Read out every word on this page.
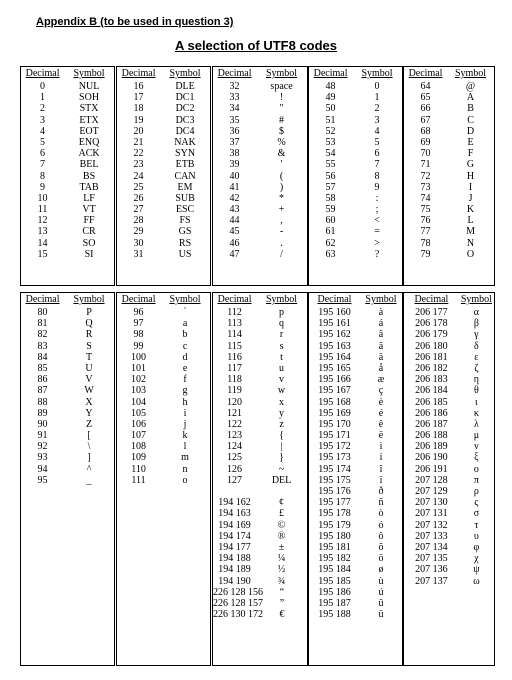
Appendix B (to be used in question 3)
A selection of UTF8 codes
Decimal	Symbol
0	NUL
1	SOH
2	STX
3	ETX
4	EOT
5	ENQ
6	ACK
7	BEL
8	BS
9	TAB
10	LF
11	VT
12	FF
13	CR
14	SO
15	SI
Decimal	Symbol
16	DLE
17	DC1
18	DC2
19	DC3
20	DC4
21	NAK
22	SYN
23	ETB
24	CAN
25	EM
26	SUB
27	ESC
28	FS
29	GS
30	RS
31	US
Decimal	Symbol
32	space
33	!
34	"
35	#
36	$
37	%
38	&
39	'
40	(
41	)
42	*
43	+
44	,
45	-
46	.
47	/
Decimal	Symbol
48	0
49	1
50	2
51	3
52	4
53	5
54	6
55	7
56	8
57	9
58	:
59	;
60	<
61	=
62	>
63	?
Decimal	Symbol
64	@
65	A
66	B
67	C
68	D
69	E
70	F
71	G
72	H
73	I
74	J
75	K
76	L
77	M
78	N
79	O
Decimal	Symbol
80	P
81	Q
82	R
83	S
84	T
85	U
86	V
87	W
88	X
89	Y
90	Z
91	[
92	\
93	]
94	^
95	_
Decimal	Symbol
96	`
97	a
98	b
99	c
100	d
101	e
102	f
103	g
104	h
105	i
106	j
107	k
108	l
109	m
110	n
111	o
Decimal	Symbol
112	p
113	q
114	r
115	s
116	t
117	u
118	v
119	w
120	x
121	y
122	z
123	{
124	|
125	}
126	~
127	DEL
194 162	¢
194 163	£
194 169	©
194 174	®
194 177	±
194 188	¼
194 189	½
194 190	¾
226 128 156	“
226 128 157	”
226 130 172	€
Decimal	Symbol
195 160	à
195 161	á
195 162	â
195 163	ã
195 164	ä
195 165	å
195 166	æ
195 167	ç
195 168	è
195 169	é
195 170	ê
195 171	ë
195 172	ì
195 173	í
195 174	î
195 175	ï
195 176	ð
195 177	ñ
195 178	ò
195 179	ó
195 180	ô
195 181	õ
195 182	ö
195 184	ø
195 185	ù
195 186	ú
195 187	û
195 188	ü
Decimal	Symbol
206 177	α
206 178	β
206 179	γ
206 180	δ
206 181	ε
206 182	ζ
206 183	η
206 184	θ
206 185	ι
206 186	κ
206 187	λ
206 188	μ
206 189	ν
206 190	ξ
206 191	ο
207 128	π
207 129	ρ
207 130	ς
207 131	σ
207 132	τ
207 133	υ
207 134	φ
207 135	χ
207 136	ψ
207 137	ω
